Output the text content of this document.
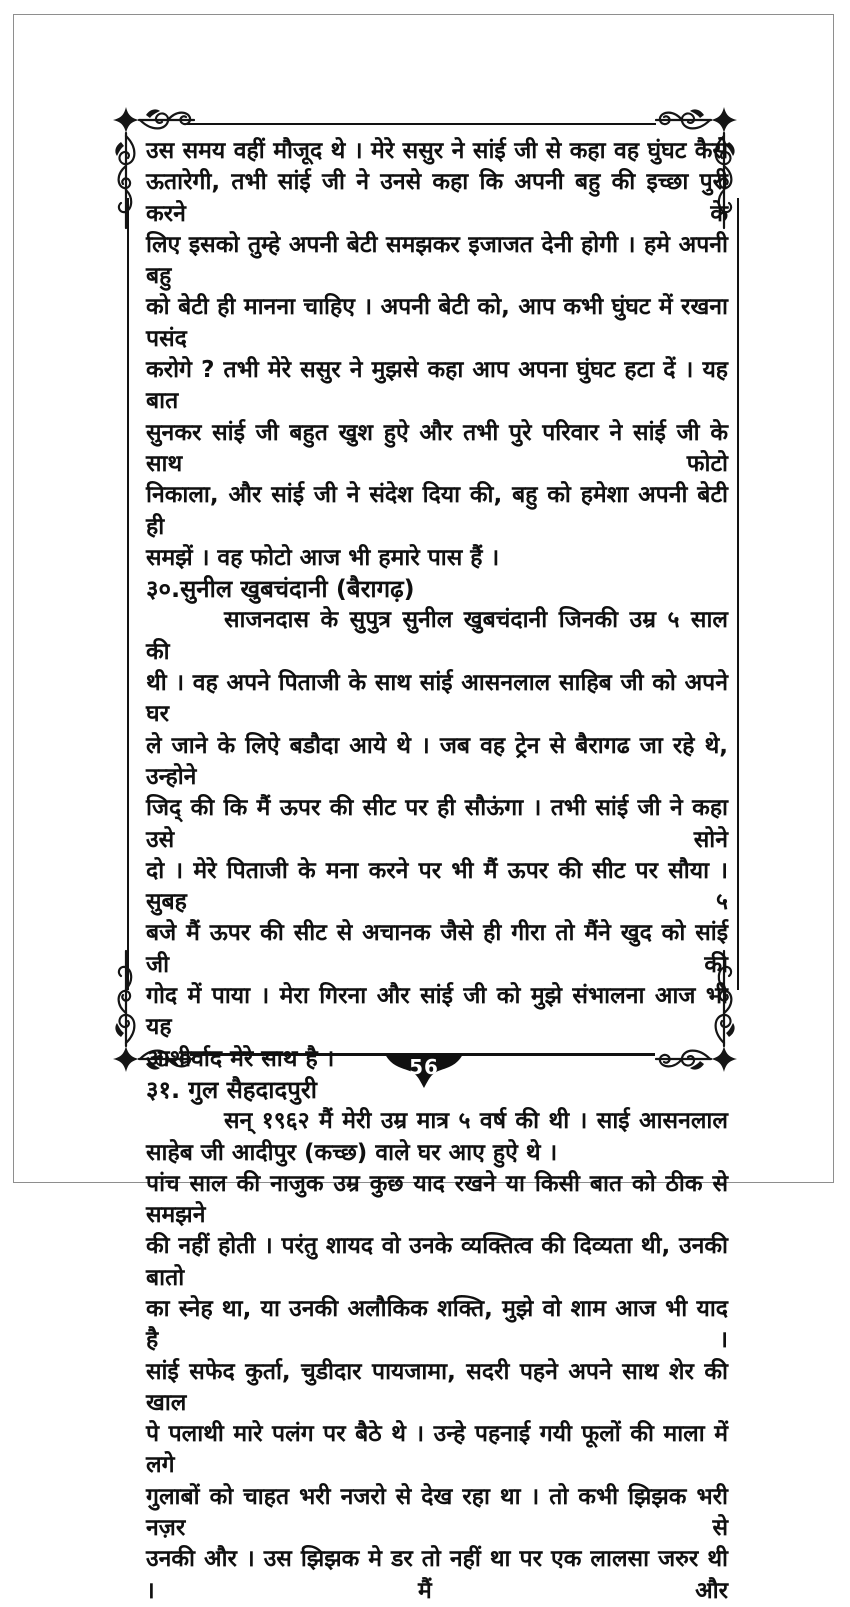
उस समय वहीं मौजूद थे । मेरे ससुर ने सांई जी से कहा वह घुंघट कैसे
ऊतारेगी, तभी सांई जी ने उनसे कहा कि अपनी बहु की इच्छा पुरी करने के
लिए इसको तुम्हे अपनी बेटी समझकर इजाजत देनी होगी । हमे अपनी बहु
को बेटी ही मानना चाहिए । अपनी बेटी को, आप कभी घुंघट में रखना पसंद
करोगे ? तभी मेरे ससुर ने मुझसे कहा आप अपना घुंघट हटा दें । यह बात
सुनकर सांई जी बहुत खुश हुऐ और तभी पुरे परिवार ने सांई जी के साथ फोटो
निकाला, और सांई जी ने संदेश दिया की, बहु को हमेशा अपनी बेटी ही
समझें । वह फोटो आज भी हमारे पास हैं ।
३०.सुनील खुबचंदानी (बैरागढ़)
साजनदास के सुपुत्र सुनील खुबचंदानी जिनकी उम्र ५ साल की
थी । वह अपने पिताजी के साथ सांई आसनलाल साहिब जी को अपने घर
ले जाने के लिऐ बडौदा आये थे । जब वह ट्रेन से बैरागढ जा रहे थे, उन्होने
जिद् की कि मैं ऊपर की सीट पर ही सौऊंगा । तभी सांई जी ने कहा उसे सोने
दो । मेरे पिताजी के मना करने पर भी मैं ऊपर की सीट पर सौया । सुबह ५
बजे मैं ऊपर की सीट से अचानक जैसे ही गीरा तो मैंने खुद को सांई जी की
गोद में पाया । मेरा गिरना और सांई जी को मुझे संभालना आज भी यह
आशीर्वाद मेरे साथ है ।
३१. गुल सैहदादपुरी
सन् १९६२ मैं मेरी उम्र मात्र ५ वर्ष की थी । साई आसनलाल
साहेब जी आदीपुर (कच्छ) वाले घर आए हुऐ थे ।
पांच साल की नाजुक उम्र कुछ याद रखने या किसी बात को ठीक से समझने
की नहीं होती । परंतु शायद वो उनके व्यक्तित्व की दिव्यता थी, उनकी बातो
का स्नेह था, या उनकी अलौकिक शक्ति, मुझे वो शाम आज भी याद है ।
सांई सफेद कुर्ता, चुडीदार पायजामा, सदरी पहने अपने साथ शेर की खाल
पे पलाथी मारे पलंग पर बैठे थे । उन्हे पहनाई गयी फूलों की माला में लगे
गुलाबों को चाहत भरी नजरो से देख रहा था । तो कभी झिझक भरी नज़र से
उनकी और । उस झिझक मे डर तो नहीं था पर एक लालसा जरुर थी । मैं और
56
